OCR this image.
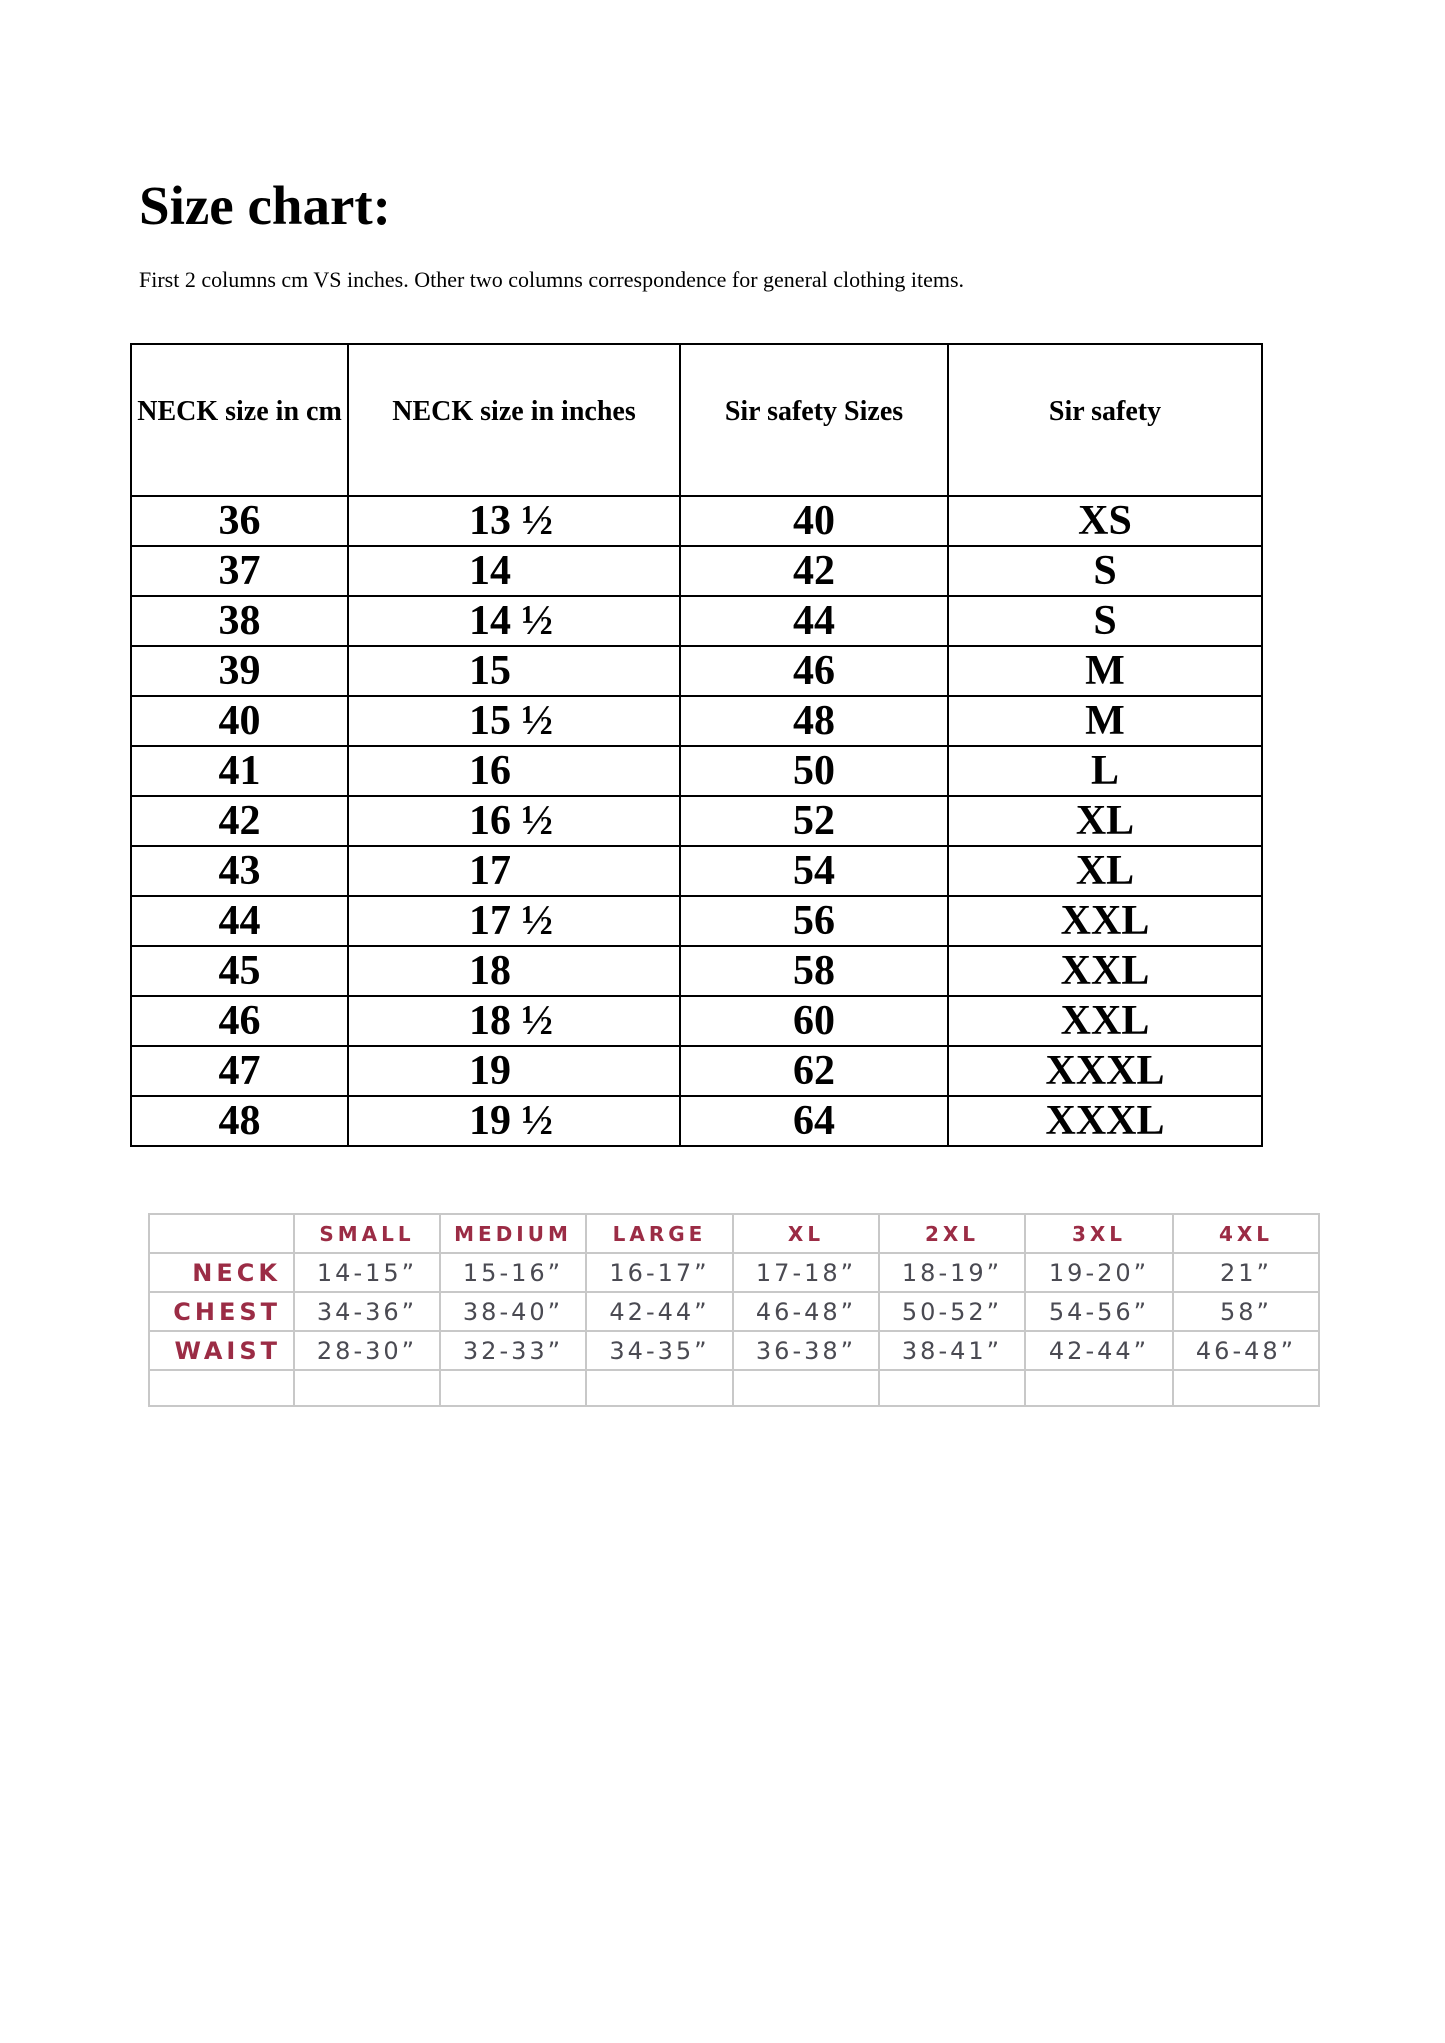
Size chart:

First 2 columns cm VS inches. Other two columns correspondence for general clothing items.

NECK size in cm	NECK size in inches	Sir safety Sizes	Sir safety
36	13 ½	40	XS
37	14	42	S
38	14 ½	44	S
39	15	46	M
40	15 ½	48	M
41	16	50	L
42	16 ½	52	XL
43	17	54	XL
44	17 ½	56	XXL
45	18	58	XXL
46	18 ½	60	XXL
47	19	62	XXXL
48	19 ½	64	XXXL
	SMALL	MEDIUM	LARGE	XL	2XL	3XL	4XL
NECK	14-15”	15-16”	16-17”	17-18”	18-19”	19-20”	21”
CHEST	34-36”	38-40”	42-44”	46-48”	50-52”	54-56”	58”
WAIST	28-30”	32-33”	34-35”	36-38”	38-41”	42-44”	46-48”
